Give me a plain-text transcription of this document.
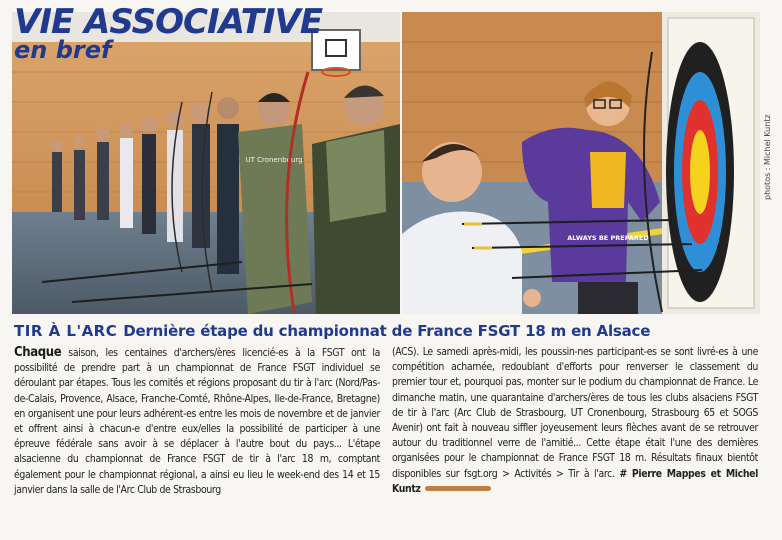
UT Cronenbourg
ALWAYS BE PREPARED
VIE ASSOCIATIVE
en bref
photos : Michel Kuntz
TIR À L'ARC Dernière étape du championnat de France FSGT 18 m en Alsace
Chaque saison, les centaines d'archers/ères licencié-es à la FSGT ont la possibilité de prendre part à un championnat de France FSGT individuel se déroulant par étapes. Tous les comités et régions proposant du tir à l'arc (Nord/Pas-de-Calais, Provence, Alsace, Franche-Comté, Rhône-Alpes, Ile-de-France, Bretagne) en organisent une pour leurs adhérent-es entre les mois de novembre et de janvier et offrent ainsi à chacun-e d'entre eux/elles la possibilité de participer à une épreuve fédérale sans avoir à se déplacer à l'autre bout du pays... L'étape alsacienne du championnat de France FSGT de tir à l'arc 18 m, comptant également pour le championnat régional, a ainsi eu lieu le week-end des 14 et 15 janvier dans la salle de l'Arc Club de Strasbourg
(ACS). Le samedi après-midi, les poussin-nes participant-es se sont livré-es à une compétition acharnée, redoublant d'efforts pour renverser le classement du premier tour et, pourquoi pas, monter sur le podium du championnat de France. Le dimanche matin, une quarantaine d'archers/ères de tous les clubs alsaciens FSGT de tir à l'arc (Arc Club de Strasbourg, UT Cronenbourg, Strasbourg 65 et SOGS Avenir) ont fait à nouveau siffler joyeusement leurs flèches avant de se retrouver autour du traditionnel verre de l'amitié... Cette étape était l'une des dernières organisées pour le championnat de France FSGT 18 m. Résultats finaux bientôt disponibles sur fsgt.org > Activités > Tir à l'arc. # Pierre Mappes et Michel Kuntz
